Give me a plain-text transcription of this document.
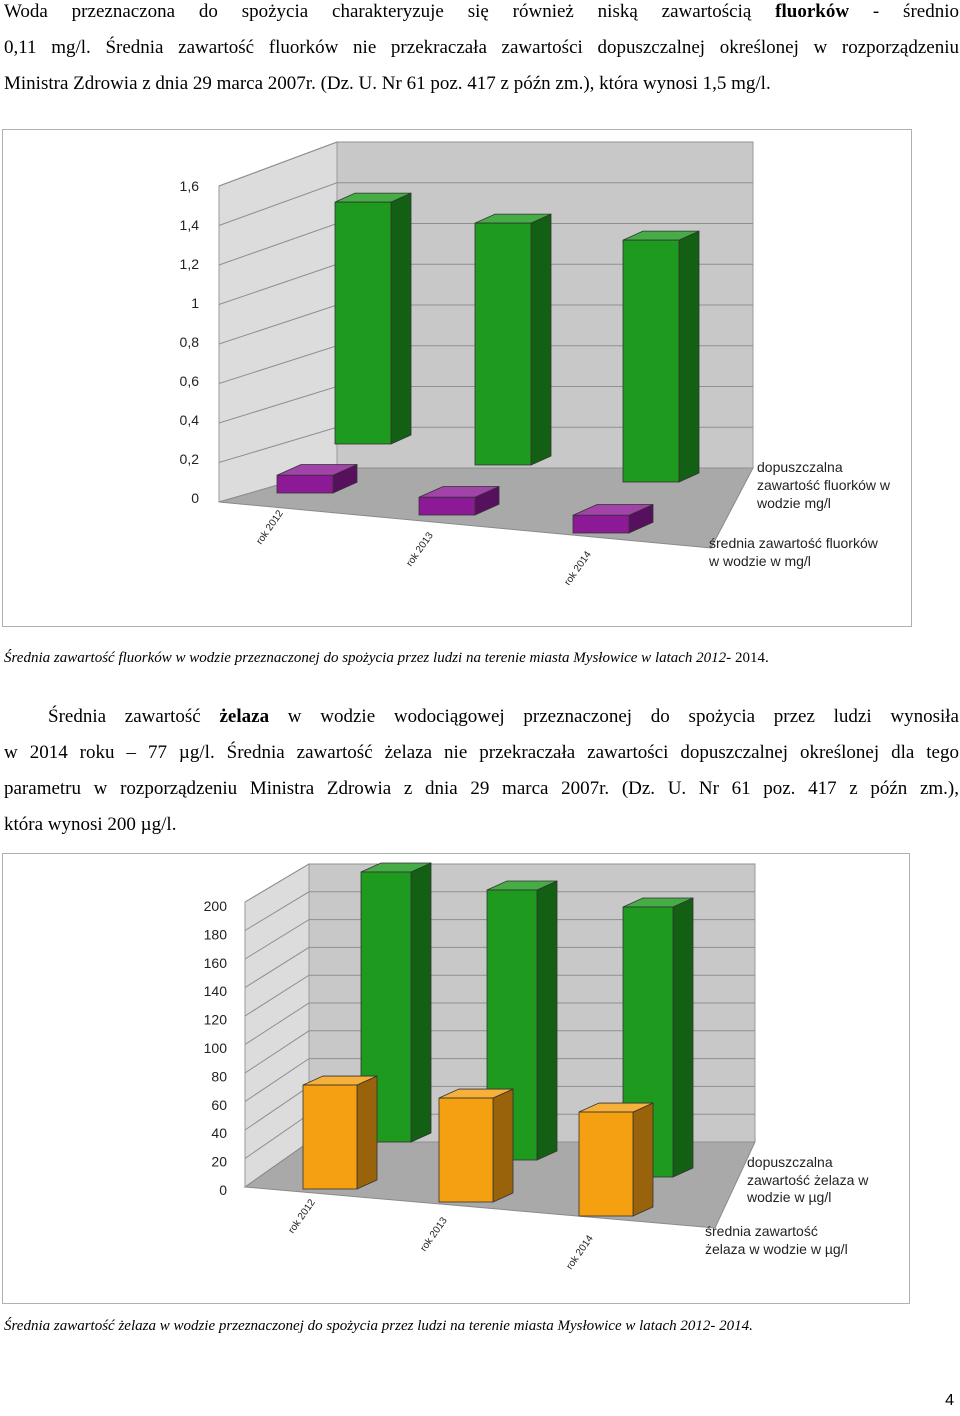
Woda przeznaczona do spożycia charakteryzuje się również niską zawartością fluorków - średnio
0,11 mg/l. Średnia zawartość fluorków nie przekraczała zawartości dopuszczalnej określonej w rozporządzeniu
Ministra Zdrowia z dnia 29 marca 2007r. (Dz. U. Nr 61 poz. 417 z późn zm.), która wynosi 1,5 mg/l.
0
0,2
0,4
0,6
0,8
1
1,2
1,4
1,6
rok 2012
rok 2013	rok 2014
dopuszczalna
zawartość fluorków w
wodzie mg/l
średnia zawartość fluorków
w wodzie w mg/l
Średnia zawartość fluorków w wodzie przeznaczonej do spożycia przez ludzi na terenie miasta Mysłowice w latach 2012- 2014.
Średnia zawartość żelaza w wodzie wodociągowej przeznaczonej do spożycia przez ludzi wynosiła
w 2014 roku – 77 µg/l. Średnia zawartość żelaza nie przekraczała zawartości dopuszczalnej określonej dla tego
parametru w rozporządzeniu Ministra Zdrowia z dnia 29 marca 2007r. (Dz. U. Nr 61 poz. 417 z późn zm.),
która wynosi 200 µg/l.
0
20
40
60
80
100
120
140
160
180
200
rok 2012	rok 2013	rok 2014
dopuszczalna
zawartość żelaza w
wodzie w µg/l
średnia zawartość
żelaza w wodzie w µg/l
Średnia zawartość żelaza w wodzie przeznaczonej do spożycia przez ludzi na terenie miasta Mysłowice w latach 2012- 2014.
4
